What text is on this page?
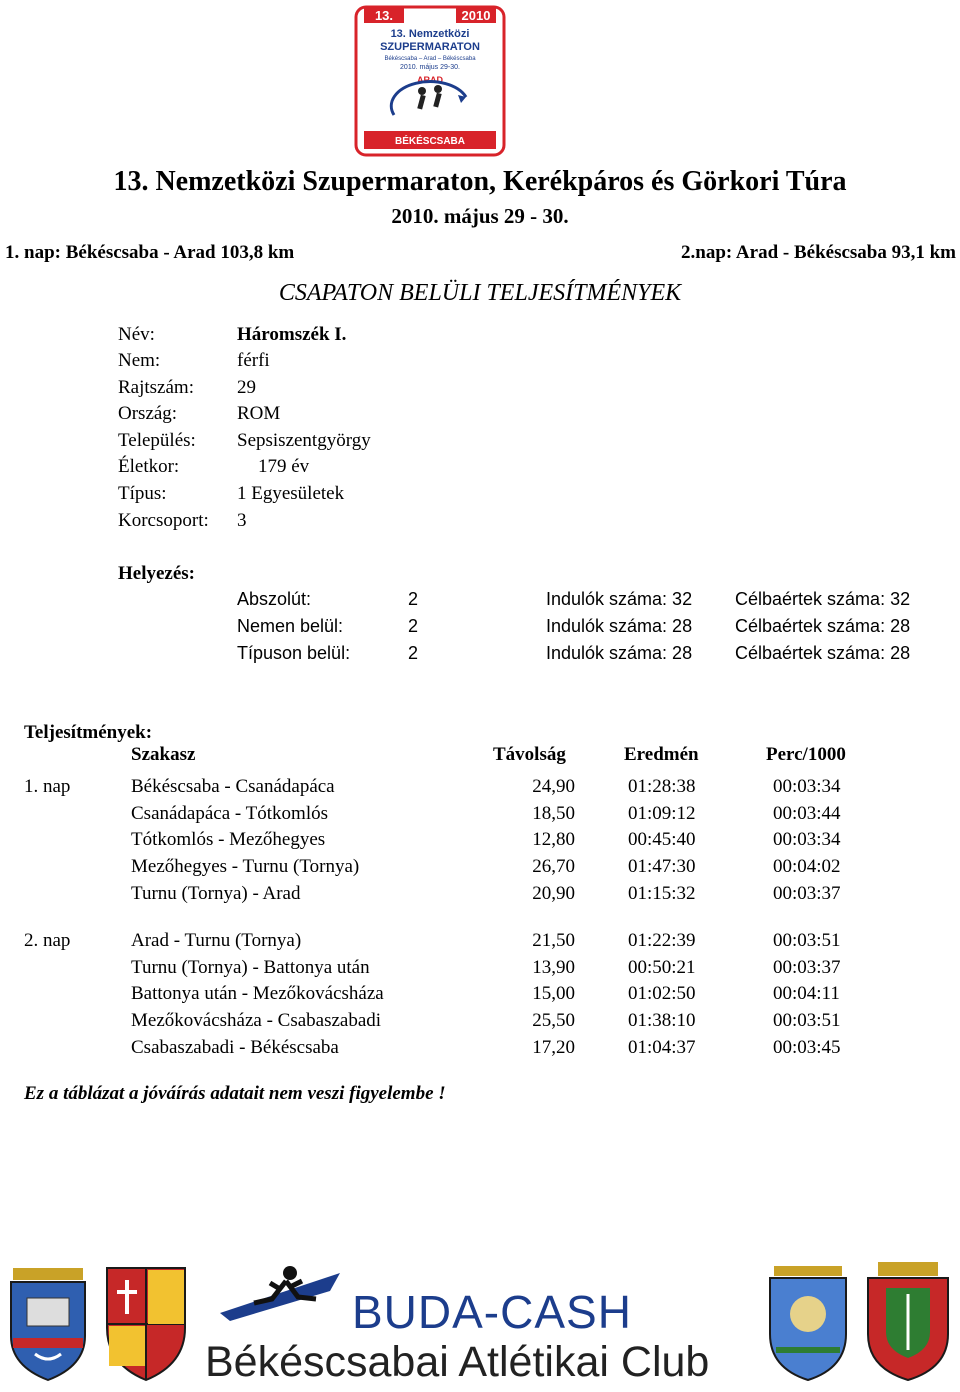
13.	2010
13. Nemzetközi
SZUPERMARATON
Békéscsaba – Arad – Békéscsaba
2010. május 29-30.
ARAD
BÉKÉSCSABA
13. Nemzetközi Szupermaraton, Kerékpáros és Görkori Túra
2010. május 29 - 30.
1. nap: Békéscsaba - Arad 103,8 km	2.nap: Arad - Békéscsaba 93,1 km
CSAPATON BELÜLI TELJESÍTMÉNYEK
Név:	Háromszék I.
Nem:	férfi
Rajtszám: 29
Ország:	ROM
Település: Sepsiszentgyörgy
Életkor:	179 év
Típus:	1 Egyesületek
Korcsoport: 3
Helyezés:
Abszolút:	2	Indulók száma: 32 Célbaértek száma: 32
Nemen belül:	2	Indulók száma: 28 Célbaértek száma: 28
Típuson belül:	2	Indulók száma: 28 Célbaértek száma: 28
Teljesítmények:
Szakasz	Távolság	Eredmén	Perc/1000
1. nap	Békéscsaba - Csanádapáca	24,90	01:28:38	00:03:34
Csanádapáca - Tótkomlós	18,50	01:09:12	00:03:44
Tótkomlós - Mezőhegyes	12,80	00:45:40	00:03:34
Mezőhegyes - Turnu (Tornya)	26,70	01:47:30	00:04:02
Turnu (Tornya) - Arad	20,90	01:15:32	00:03:37
2. nap	Arad - Turnu (Tornya)	21,50	01:22:39	00:03:51
Turnu (Tornya) - Battonya után	13,90	00:50:21	00:03:37
Battonya után - Mezőkovácsháza	15,00	01:02:50	00:04:11
Mezőkovácsháza - Csabaszabadi	25,50	01:38:10	00:03:51
Csabaszabadi - Békéscsaba	17,20	01:04:37	00:03:45
Ez a táblázat a jóváírás adatait nem veszi figyelembe !
BUDA-CASH
Békéscsabai Atlétikai Club
